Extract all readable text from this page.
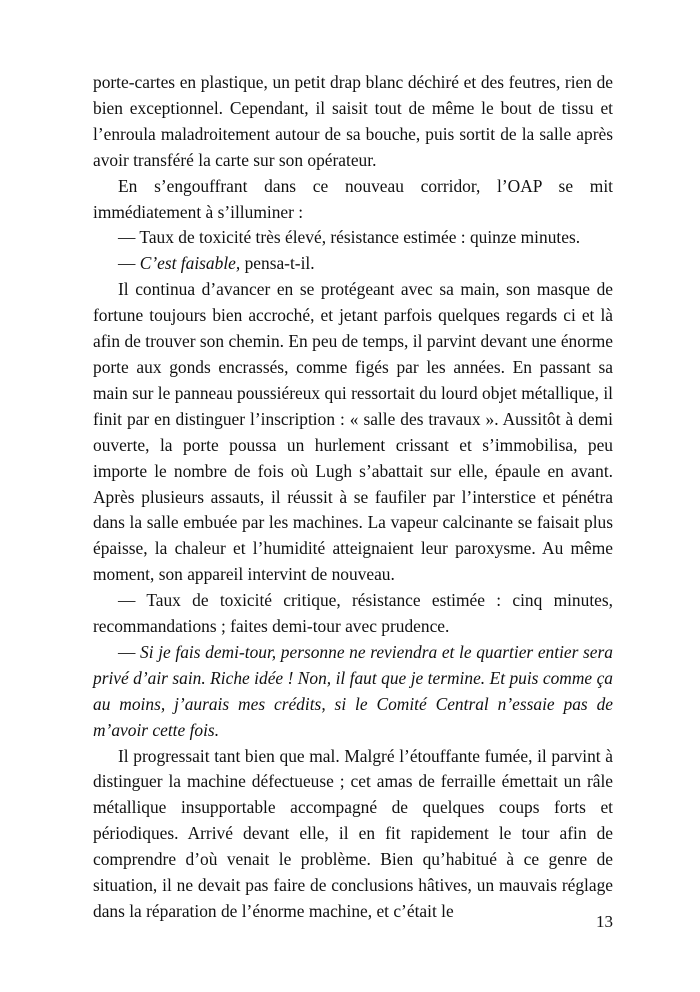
porte-cartes en plastique, un petit drap blanc déchiré et des feutres, rien de bien exceptionnel. Cependant, il saisit tout de même le bout de tissu et l’enroula maladroitement autour de sa bouche, puis sortit de la salle après avoir transféré la carte sur son opérateur.

En s’engouffrant dans ce nouveau corridor, l’OAP se mit immédiatement à s’illuminer :

— Taux de toxicité très élevé, résistance estimée : quinze minutes.

— C’est faisable, pensa-t-il.

Il continua d’avancer en se protégeant avec sa main, son masque de fortune toujours bien accroché, et jetant parfois quelques regards ci et là afin de trouver son chemin. En peu de temps, il parvint devant une énorme porte aux gonds encrassés, comme figés par les années. En passant sa main sur le panneau poussiéreux qui ressortait du lourd objet métallique, il finit par en distinguer l’inscription : « salle des travaux ». Aussitôt à demi ouverte, la porte poussa un hurlement crissant et s’immobilisa, peu importe le nombre de fois où Lugh s’abattait sur elle, épaule en avant. Après plusieurs assauts, il réussit à se faufiler par l’interstice et pénétra dans la salle embuée par les machines. La vapeur calcinante se faisait plus épaisse, la chaleur et l’humidité atteignaient leur paroxysme. Au même moment, son appareil intervint de nouveau.

— Taux de toxicité critique, résistance estimée : cinq minutes, recommandations ; faites demi-tour avec prudence.

— Si je fais demi-tour, personne ne reviendra et le quartier entier sera privé d’air sain. Riche idée ! Non, il faut que je termine. Et puis comme ça au moins, j’aurais mes crédits, si le Comité Central n’essaie pas de m’avoir cette fois.

Il progressait tant bien que mal. Malgré l’étouffante fumée, il parvint à distinguer la machine défectueuse ; cet amas de ferraille émettait un râle métallique insupportable accompagné de quelques coups forts et périodiques. Arrivé devant elle, il en fit rapidement le tour afin de comprendre d’où venait le problème. Bien qu’habitué à ce genre de situation, il ne devait pas faire de conclusions hâtives, un mauvais réglage dans la réparation de l’énorme machine, et c’était le

13
